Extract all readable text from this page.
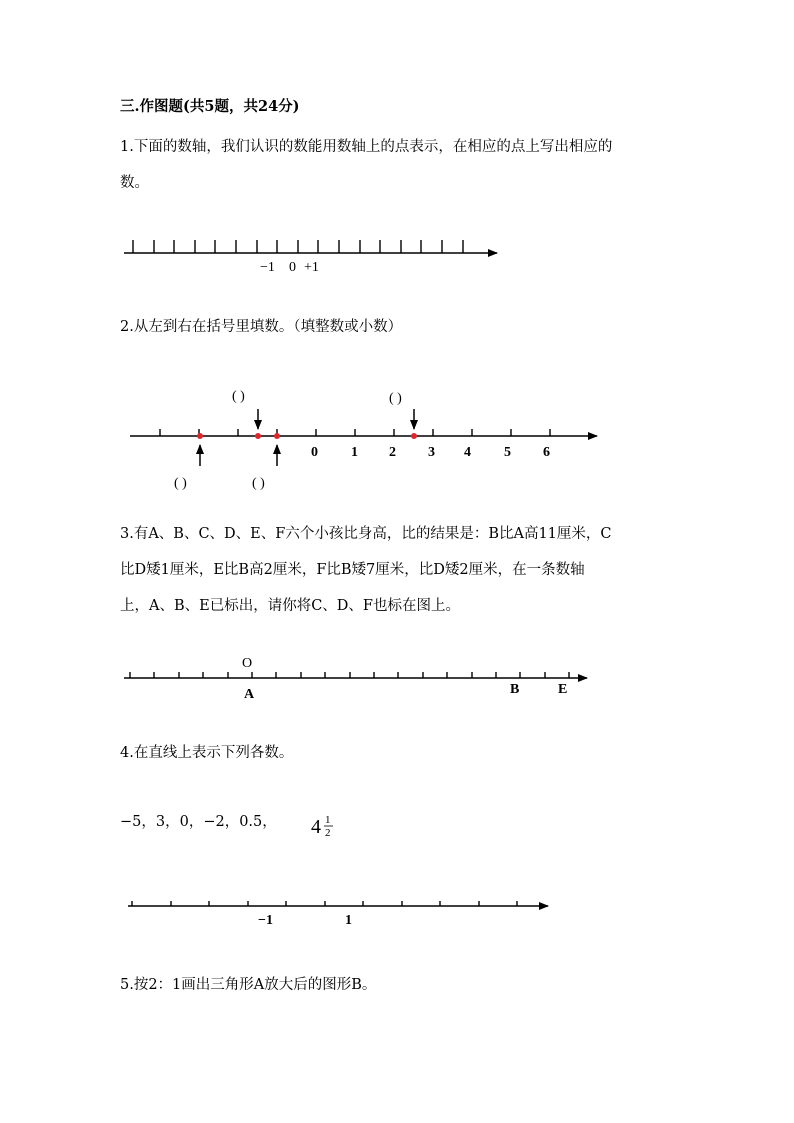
三.作图题(共5题，共24分)
1.下面的数轴，我们认识的数能用数轴上的点表示，在相应的点上写出相应的
数。
−1 0 +1
0 1 2 3 4 5 6
( )	( )
( )	( )
O
A	B	E
4 1
2
−1	1
2.从左到右在括号里填数。（填整数或小数）
3.有A、B、C、D、E、F六个小孩比身高，比的结果是：B比A高11厘米，C
比D矮1厘米，E比B高2厘米，F比B矮7厘米，比D矮2厘米，在一条数轴
上，A、B、E已标出，请你将C、D、F也标在图上。
4.在直线上表示下列各数。
−5，3，0，−2，0.5，
5.按2：1画出三角形A放大后的图形B。
